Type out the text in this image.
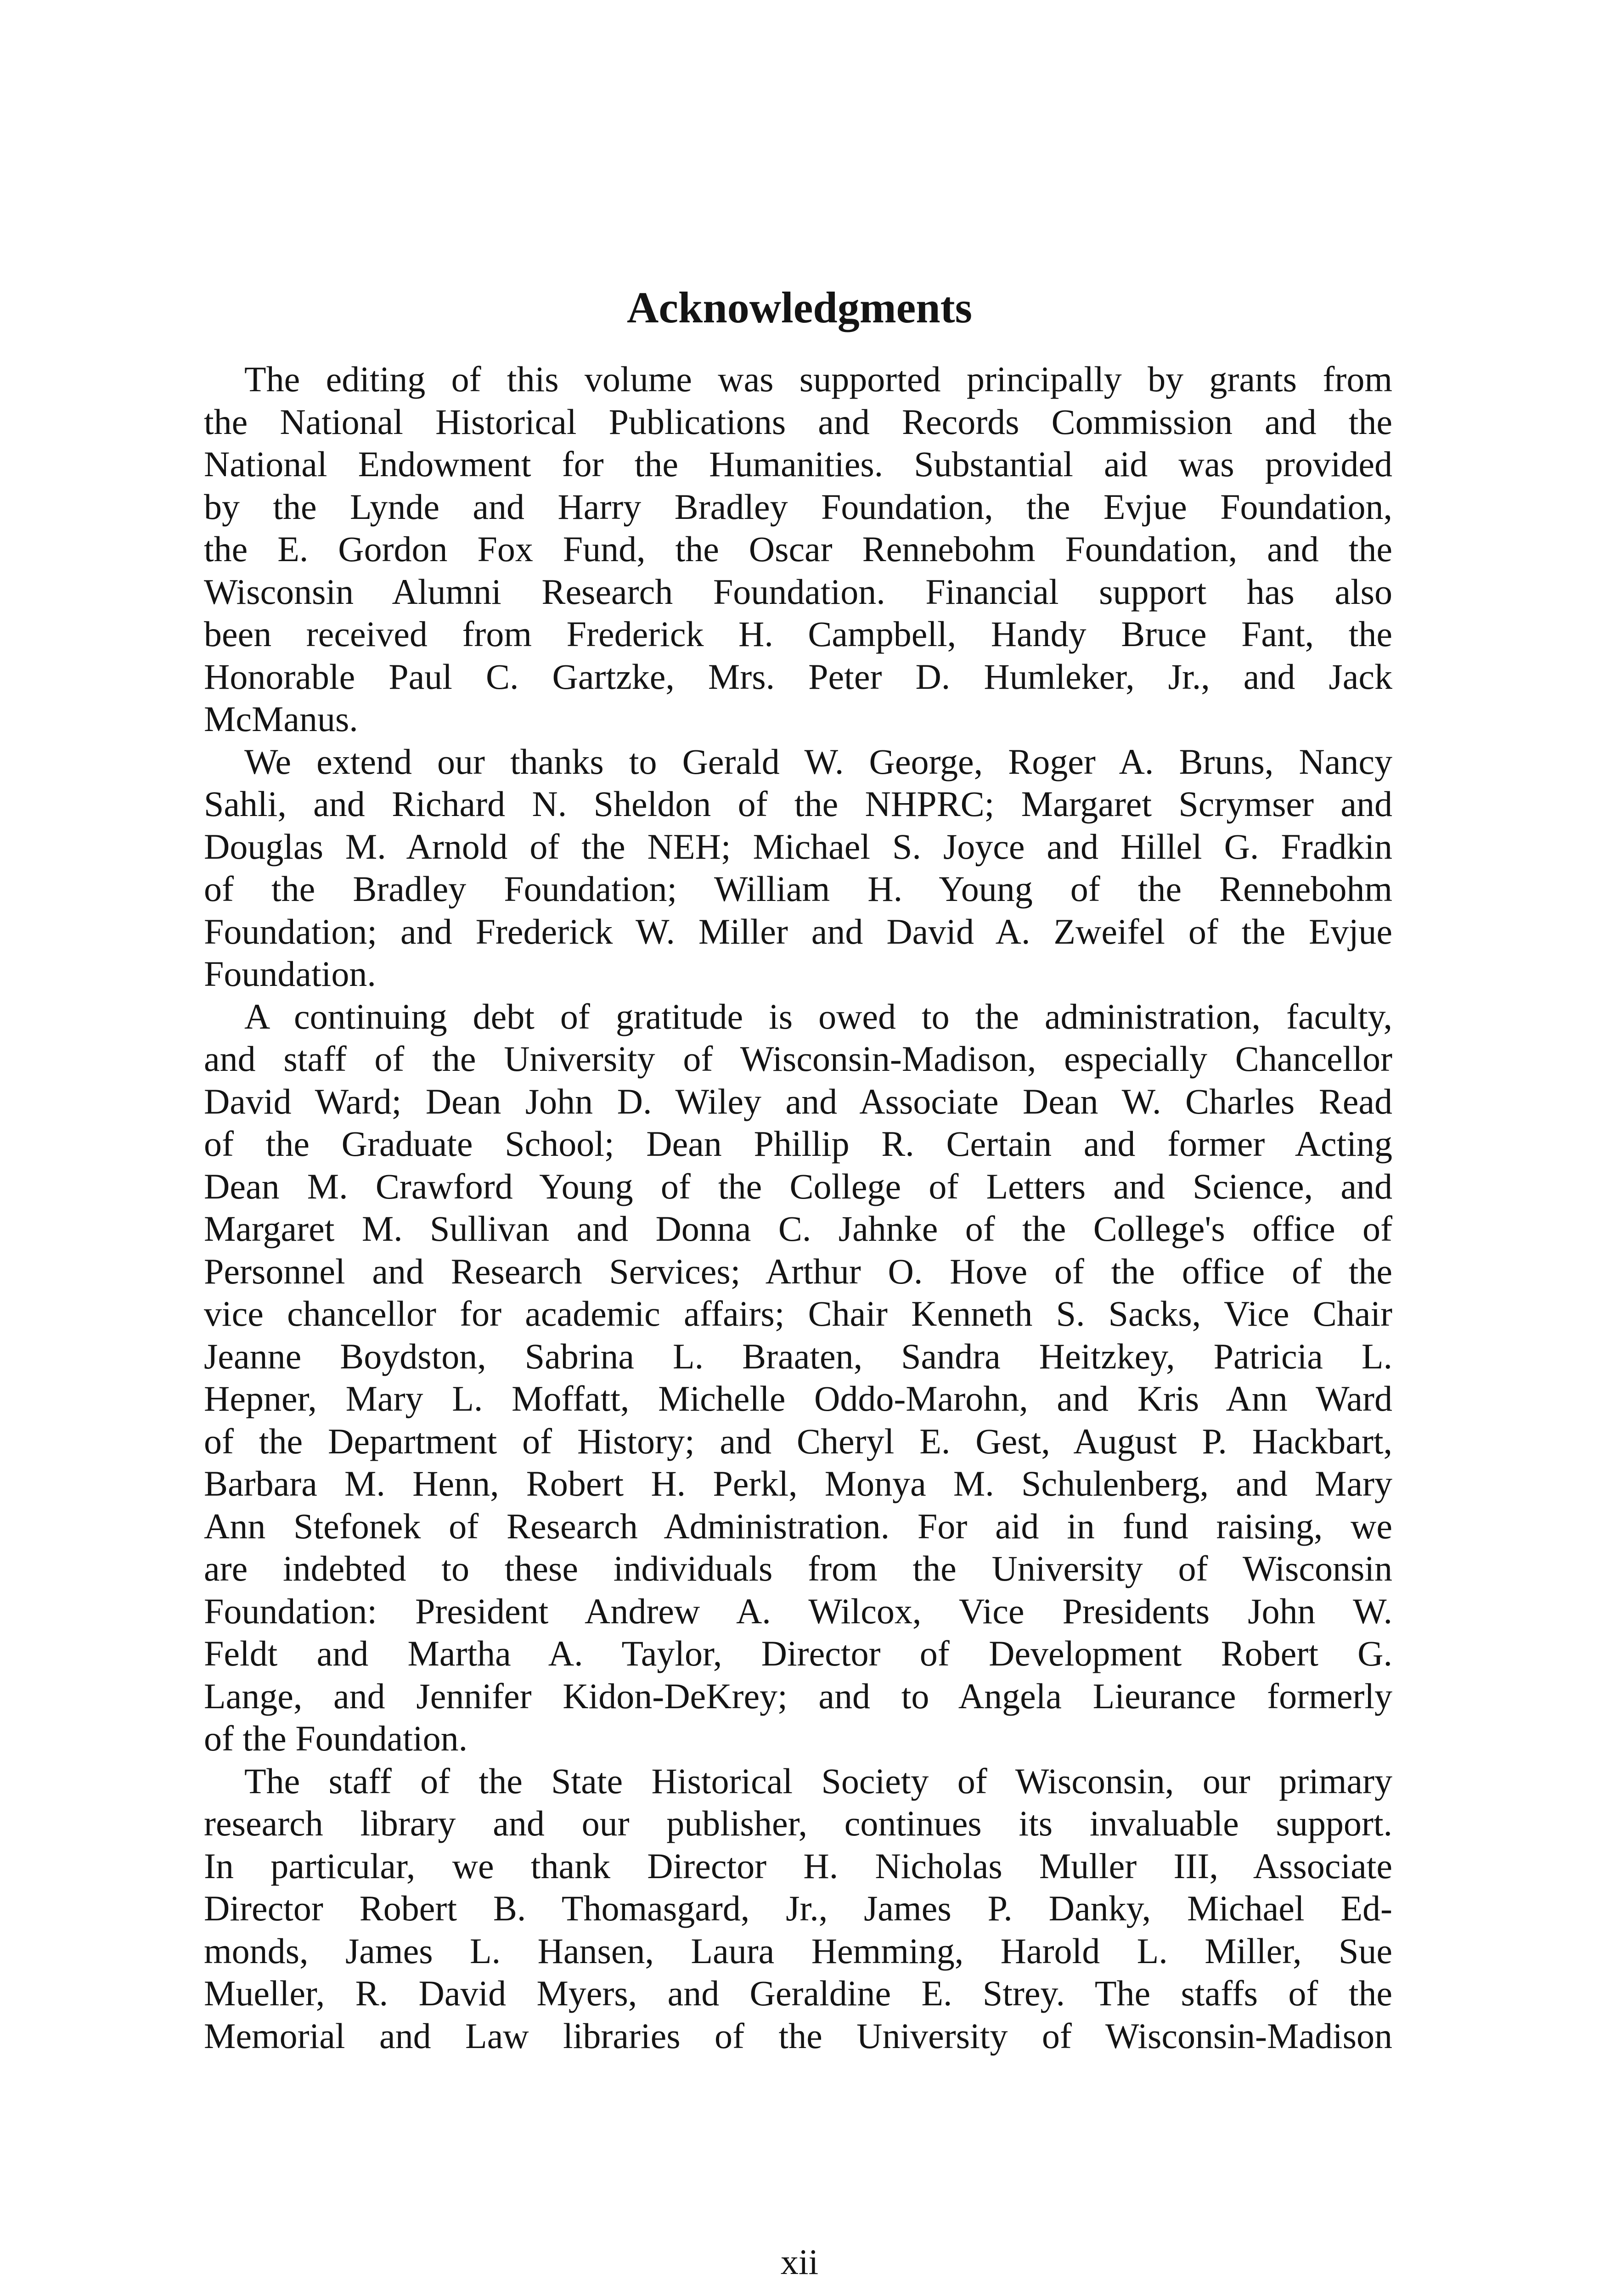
Acknowledgments

The editing of this volume was supported principally by grants from
the National Historical Publications and Records Commission and the
National Endowment for the Humanities. Substantial aid was provided
by the Lynde and Harry Bradley Foundation, the Evjue Foundation,
the E. Gordon Fox Fund, the Oscar Rennebohm Foundation, and the
Wisconsin Alumni Research Foundation. Financial support has also
been received from Frederick H. Campbell, Handy Bruce Fant, the
Honorable Paul C. Gartzke, Mrs. Peter D. Humleker, Jr., and Jack
McManus.

We extend our thanks to Gerald W. George, Roger A. Bruns, Nancy
Sahli, and Richard N. Sheldon of the NHPRC; Margaret Scrymser and
Douglas M. Arnold of the NEH; Michael S. Joyce and Hillel G. Fradkin
of the Bradley Foundation; William H. Young of the Rennebohm
Foundation; and Frederick W. Miller and David A. Zweifel of the Evjue
Foundation.

A continuing debt of gratitude is owed to the administration, faculty,
and staff of the University of Wisconsin-Madison, especially Chancellor
David Ward; Dean John D. Wiley and Associate Dean W. Charles Read
of the Graduate School; Dean Phillip R. Certain and former Acting
Dean M. Crawford Young of the College of Letters and Science, and
Margaret M. Sullivan and Donna C. Jahnke of the College's office of
Personnel and Research Services; Arthur O. Hove of the office of the
vice chancellor for academic affairs; Chair Kenneth S. Sacks, Vice Chair
Jeanne Boydston, Sabrina L. Braaten, Sandra Heitzkey, Patricia L.
Hepner, Mary L. Moffatt, Michelle Oddo-Marohn, and Kris Ann Ward
of the Department of History; and Cheryl E. Gest, August P. Hackbart,
Barbara M. Henn, Robert H. Perkl, Monya M. Schulenberg, and Mary
Ann Stefonek of Research Administration. For aid in fund raising, we
are indebted to these individuals from the University of Wisconsin
Foundation: President Andrew A. Wilcox, Vice Presidents John W.
Feldt and Martha A. Taylor, Director of Development Robert G.
Lange, and Jennifer Kidon-DeKrey; and to Angela Lieurance formerly
of the Foundation.

The staff of the State Historical Society of Wisconsin, our primary
research library and our publisher, continues its invaluable support.
In particular, we thank Director H. Nicholas Muller III, Associate
Director Robert B. Thomasgard, Jr., James P. Danky, Michael Ed-
monds, James L. Hansen, Laura Hemming, Harold L. Miller, Sue
Mueller, R. David Myers, and Geraldine E. Strey. The staffs of the
Memorial and Law libraries of the University of Wisconsin-Madison

xii
